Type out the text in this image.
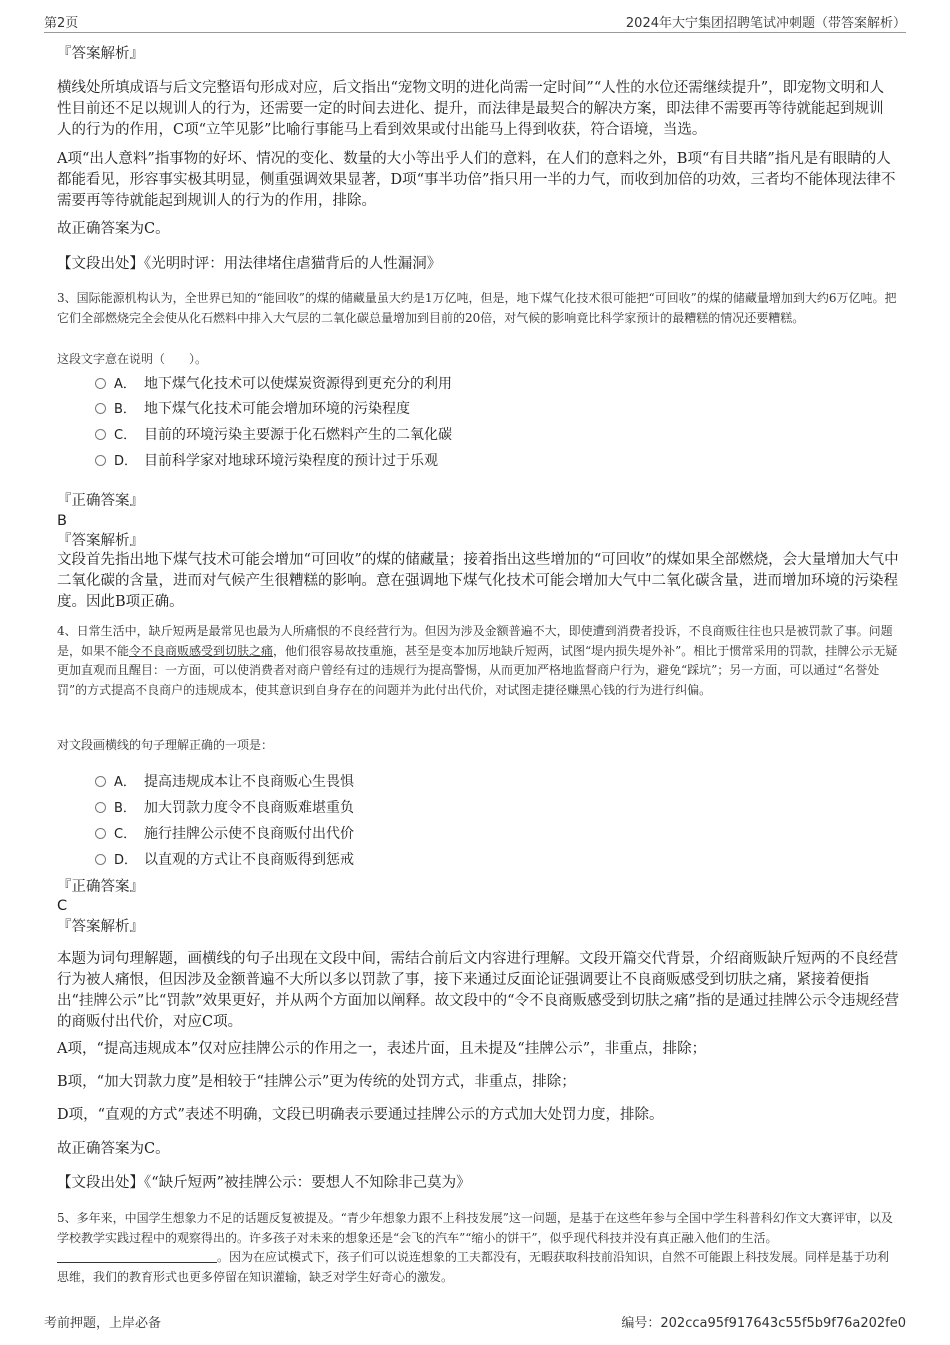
第2页	2024年大宁集团招聘笔试冲刺题（带答案解析）

『答案解析』

横线处所填成语与后文完整语句形成对应，后文指出“宠物文明的进化尚需一定时间”“人性的水位还需继续提升”，即宠物文明和人性目前还不足以规训人的行为，还需要一定的时间去进化、提升，而法律是最契合的解决方案，即法律不需要再等待就能起到规训人的行为的作用，C项“立竿见影”比喻行事能马上看到效果或付出能马上得到收获，符合语境，当选。

A项“出人意料”指事物的好坏、情况的变化、数量的大小等出乎人们的意料，在人们的意料之外，B项“有目共睹”指凡是有眼睛的人都能看见，形容事实极其明显，侧重强调效果显著，D项“事半功倍”指只用一半的力气，而收到加倍的功效，三者均不能体现法律不需要再等待就能起到规训人的行为的作用，排除。

故正确答案为C。

【文段出处】《光明时评：用法律堵住虐猫背后的人性漏洞》

3、国际能源机构认为，全世界已知的“能回收”的煤的储藏量虽大约是1万亿吨，但是，地下煤气化技术很可能把“可回收”的煤的储藏量增加到大约6万亿吨。把它们全部燃烧完全会使从化石燃料中排入大气层的二氧化碳总量增加到目前的20倍，对气候的影响竟比科学家预计的最糟糕的情况还要糟糕。

这段文字意在说明（　　）。

A． 地下煤气化技术可以使煤炭资源得到更充分的利用
B． 地下煤气化技术可能会增加环境的污染程度
C． 目前的环境污染主要源于化石燃料产生的二氧化碳
D． 目前科学家对地球环境污染程度的预计过于乐观

『正确答案』

B

『答案解析』

文段首先指出地下煤气技术可能会增加“可回收”的煤的储藏量；接着指出这些增加的“可回收”的煤如果全部燃烧，会大量增加大气中二氧化碳的含量，进而对气候产生很糟糕的影响。意在强调地下煤气化技术可能会增加大气中二氧化碳含量，进而增加环境的污染程度。因此B项正确。

4、日常生活中，缺斤短两是最常见也最为人所痛恨的不良经营行为。但因为涉及金额普遍不大，即使遭到消费者投诉，不良商贩往往也只是被罚款了事。问题是，如果不能令不良商贩感受到切肤之痛，他们很容易故技重施，甚至是变本加厉地缺斤短两，试图“堤内损失堤外补”。相比于惯常采用的罚款，挂牌公示无疑更加直观而且醒目：一方面，可以使消费者对商户曾经有过的违规行为提高警惕，从而更加严格地监督商户行为，避免“踩坑”；另一方面，可以通过“名誉处罚”的方式提高不良商户的违规成本，使其意识到自身存在的问题并为此付出代价，对试图走捷径赚黑心钱的行为进行纠偏。

对文段画横线的句子理解正确的一项是：

A． 提高违规成本让不良商贩心生畏惧
B． 加大罚款力度令不良商贩难堪重负
C． 施行挂牌公示使不良商贩付出代价
D． 以直观的方式让不良商贩得到惩戒

『正确答案』

C

『答案解析』

本题为词句理解题，画横线的句子出现在文段中间，需结合前后文内容进行理解。文段开篇交代背景，介绍商贩缺斤短两的不良经营行为被人痛恨，但因涉及金额普遍不大所以多以罚款了事，接下来通过反面论证强调要让不良商贩感受到切肤之痛，紧接着便指出“挂牌公示”比“罚款”效果更好，并从两个方面加以阐释。故文段中的“令不良商贩感受到切肤之痛”指的是通过挂牌公示令违规经营的商贩付出代价，对应C项。

A项，“提高违规成本”仅对应挂牌公示的作用之一，表述片面，且未提及“挂牌公示”，非重点，排除；

B项，“加大罚款力度”是相较于“挂牌公示”更为传统的处罚方式，非重点，排除；

D项，“直观的方式”表述不明确，文段已明确表示要通过挂牌公示的方式加大处罚力度，排除。

故正确答案为C。

【文段出处】《“缺斤短两”被挂牌公示：要想人不知除非己莫为》

5、多年来，中国学生想象力不足的话题反复被提及。“青少年想象力跟不上科技发展”这一问题，是基于在这些年参与全国中学生科普科幻作文大赛评审，以及学校教学实践过程中的观察得出的。许多孩子对未来的想象还是“会飞的汽车”“缩小的饼干”，似乎现代科技并没有真正融入他们的生活。。因为在应试模式下，孩子们可以说连想象的工夫都没有，无暇获取科技前沿知识，自然不可能跟上科技发展。同样是基于功利思维，我们的教育形式也更多停留在知识灌输，缺乏对学生好奇心的激发。

考前押题，上岸必备	编号：202cca95f917643c55f5b9f76a202fe0
